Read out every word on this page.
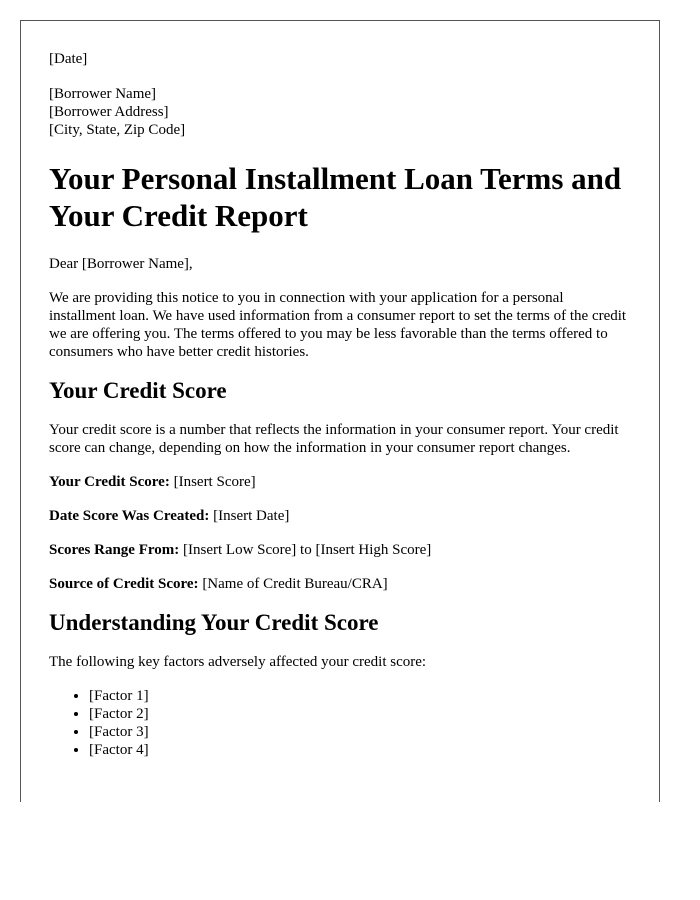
[Date]

[Borrower Name]

[Borrower Address]

[City, State, Zip Code]

Your Personal Installment Loan Terms and Your Credit Report

Dear [Borrower Name],

We are providing this notice to you in connection with your application for a personal installment loan. We have used information from a consumer report to set the terms of the credit we are offering you. The terms offered to you may be less favorable than the terms offered to consumers who have better credit histories.

Your Credit Score

Your credit score is a number that reflects the information in your consumer report. Your credit score can change, depending on how the information in your consumer report changes.

Your Credit Score: [Insert Score]

Date Score Was Created: [Insert Date]

Scores Range From: [Insert Low Score] to [Insert High Score]

Source of Credit Score: [Name of Credit Bureau/CRA]

Understanding Your Credit Score

The following key factors adversely affected your credit score:

• [Factor 1]
• [Factor 2]
• [Factor 3]
• [Factor 4]
